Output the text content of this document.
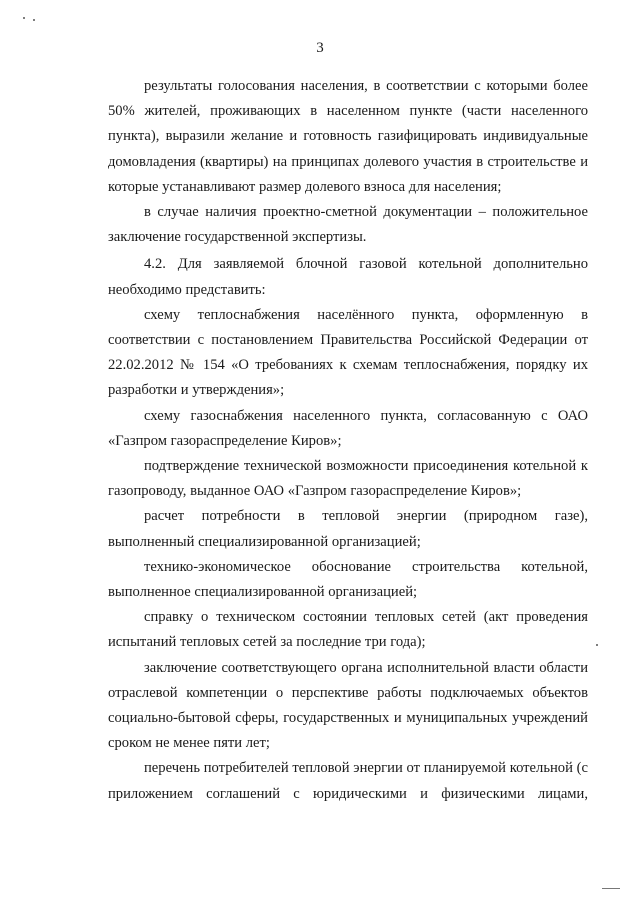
3

результаты голосования населения, в соответствии с которыми более 50% жителей, проживающих в населенном пункте (части населенного пункта), выразили желание и готовность газифицировать индивидуальные домовладения (квартиры) на принципах долевого участия в строительстве и которые устанавливают размер долевого взноса для населения;

в случае наличия проектно-сметной документации – положительное заключение государственной экспертизы.

4.2. Для заявляемой блочной газовой котельной дополнительно необходимо представить:

схему теплоснабжения населённого пункта, оформленную в соответствии с постановлением Правительства Российской Федерации от 22.02.2012 № 154 «О требованиях к схемам теплоснабжения, порядку их разработки и утверждения»;

схему газоснабжения населенного пункта, согласованную с ОАО «Газпром газораспределение Киров»;

подтверждение технической возможности присоединения котельной к газопроводу, выданное ОАО «Газпром газораспределение Киров»;

расчет потребности в тепловой энергии (природном газе), выполненный специализированной организацией;

технико-экономическое обоснование строительства котельной, выполненное специализированной организацией;

справку о техническом состоянии тепловых сетей (акт проведения испытаний тепловых сетей за последние три года);

заключение соответствующего органа исполнительной власти области отраслевой компетенции о перспективе работы подключаемых объектов социально-бытовой сферы, государственных и муниципальных учреждений сроком не менее пяти лет;

перечень потребителей тепловой энергии от планируемой котельной (с приложением соглашений с юридическими и физическими лицами,
